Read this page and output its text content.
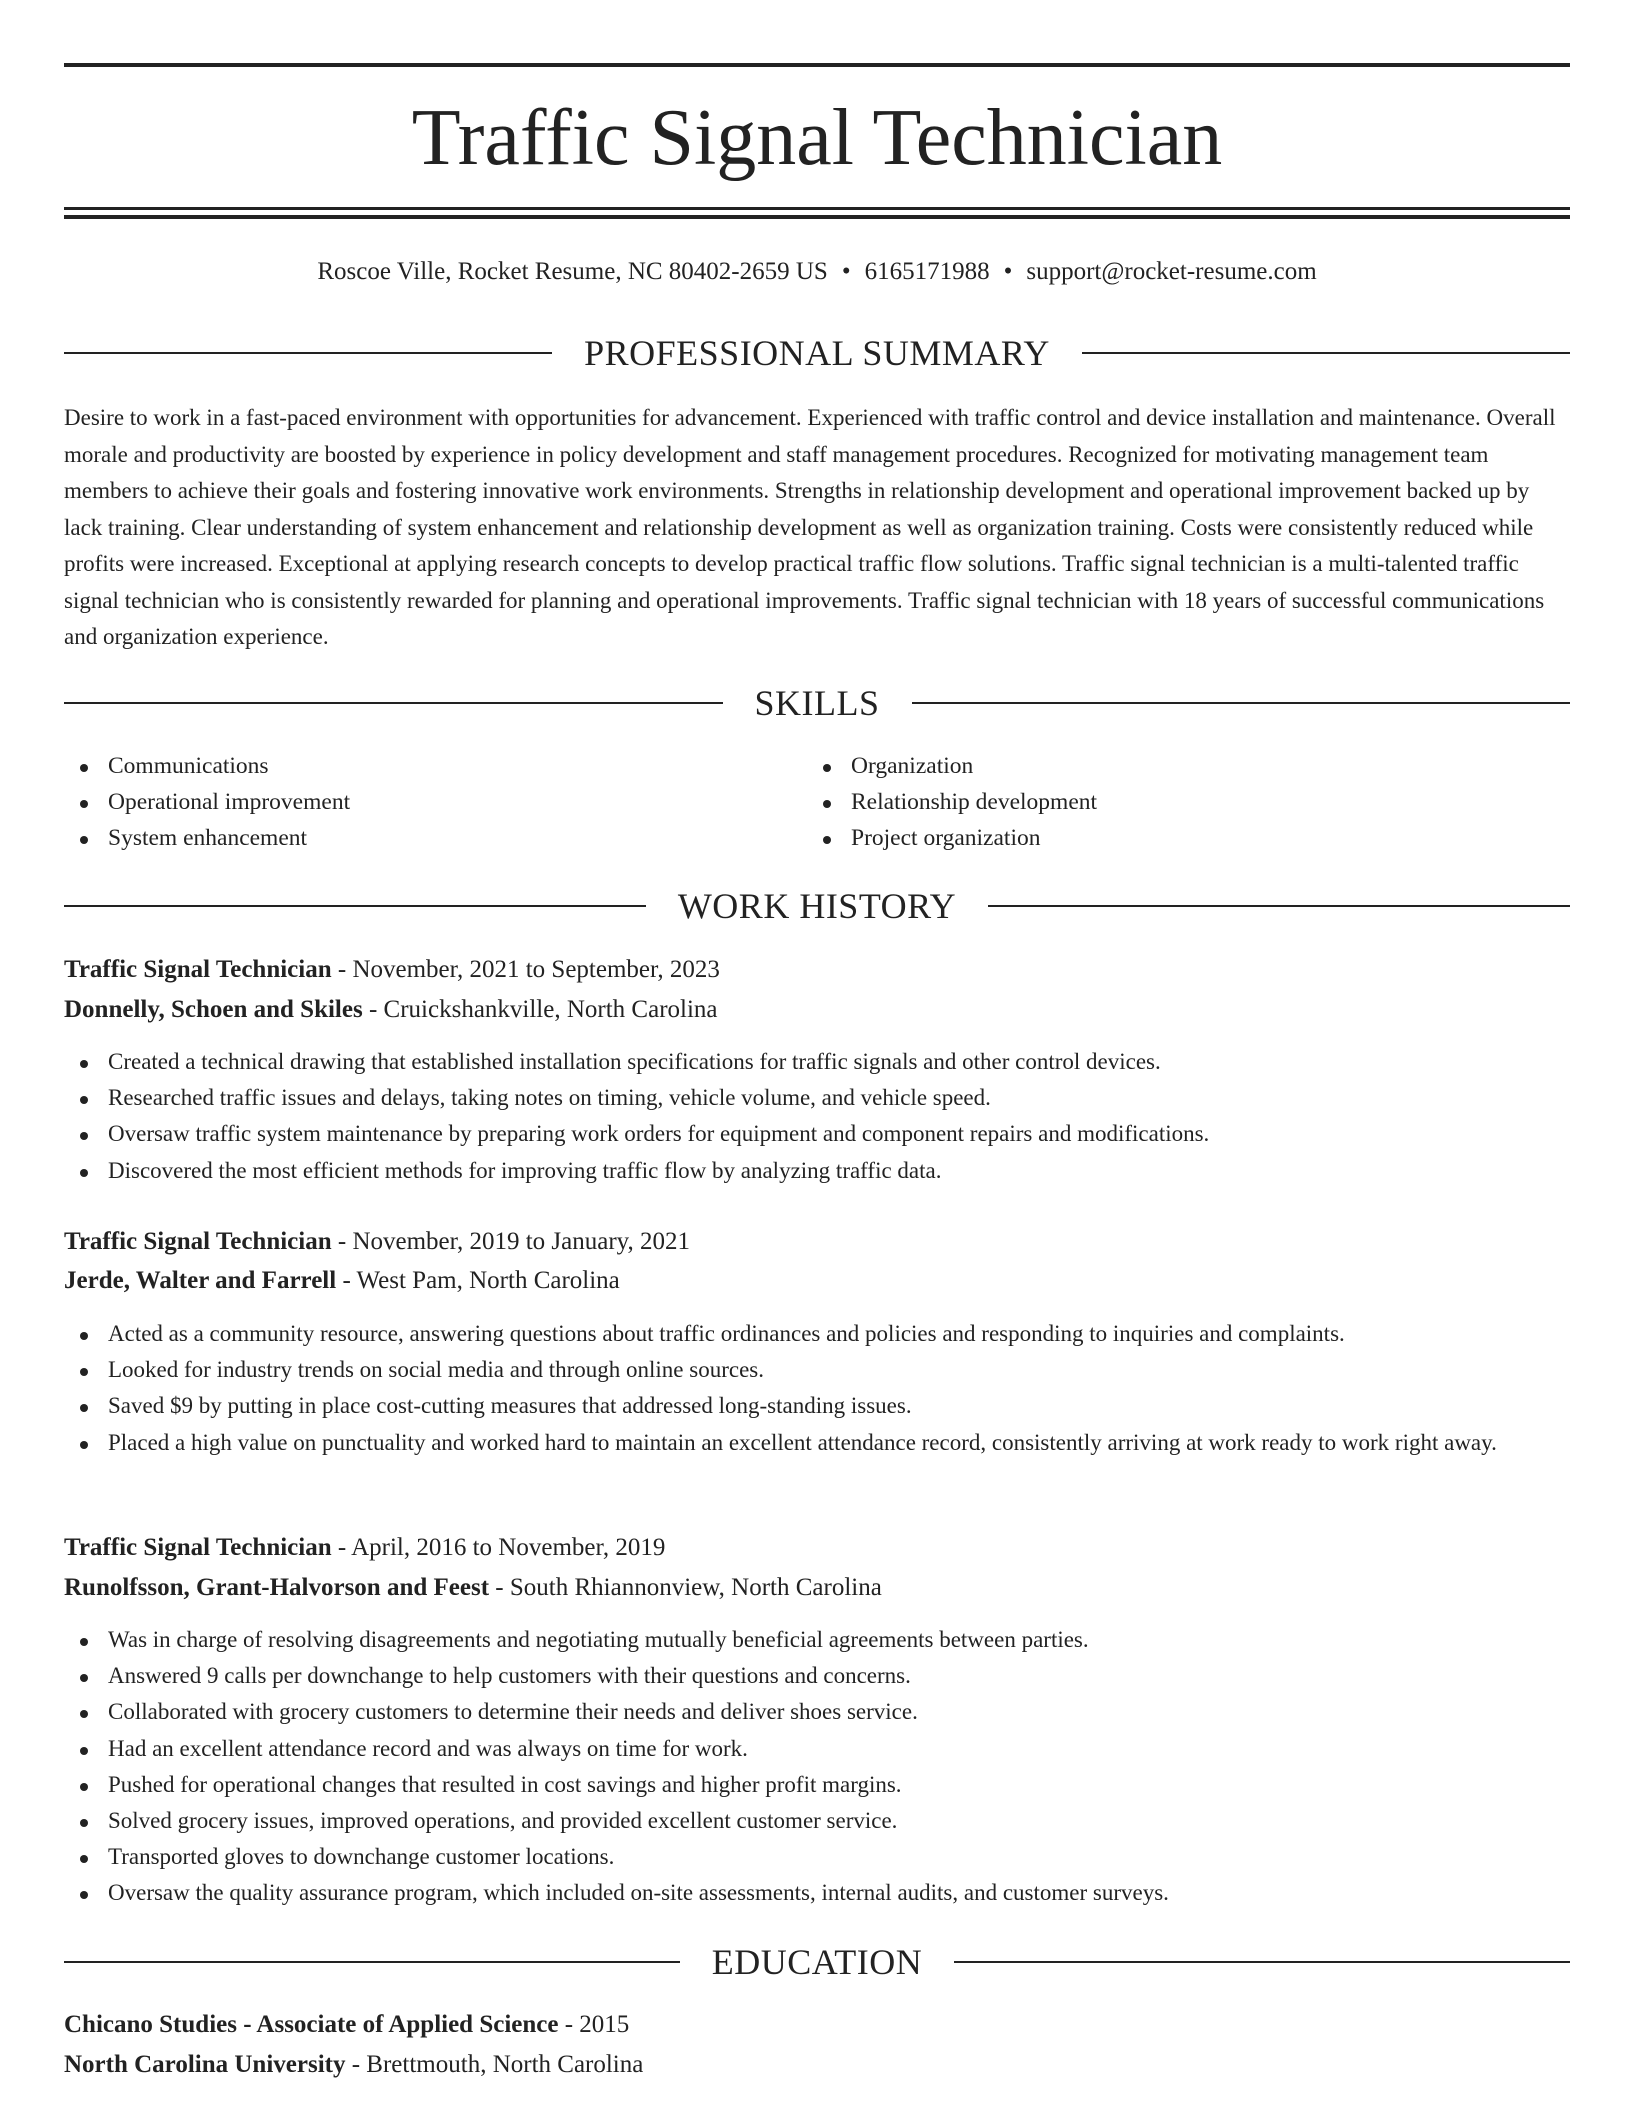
Traffic Signal Technician
Roscoe Ville, Rocket Resume, NC 80402-2659 US • 6165171988 • support@rocket-resume.com
PROFESSIONAL SUMMARY

Desire to work in a fast-paced environment with opportunities for advancement. Experienced with traffic control and device installation and maintenance. Overall morale and productivity are boosted by experience in policy development and staff management procedures. Recognized for motivating management team members to achieve their goals and fostering innovative work environments. Strengths in relationship development and operational improvement backed up by lack training. Clear understanding of system enhancement and relationship development as well as organization training. Costs were consistently reduced while profits were increased. Exceptional at applying research concepts to develop practical traffic flow solutions. Traffic signal technician is a multi-talented traffic signal technician who is consistently rewarded for planning and operational improvements. Traffic signal technician with 18 years of successful communications and organization experience.

SKILLS
Communications
Operational improvement
System enhancement
Organization
Relationship development
Project organization
WORK HISTORY
Traffic Signal Technician - November, 2021 to September, 2023
Donnelly, Schoen and Skiles - Cruickshankville, North Carolina
Created a technical drawing that established installation specifications for traffic signals and other control devices.
Researched traffic issues and delays, taking notes on timing, vehicle volume, and vehicle speed.
Oversaw traffic system maintenance by preparing work orders for equipment and component repairs and modifications.
Discovered the most efficient methods for improving traffic flow by analyzing traffic data.
Traffic Signal Technician - November, 2019 to January, 2021
Jerde, Walter and Farrell - West Pam, North Carolina
Acted as a community resource, answering questions about traffic ordinances and policies and responding to inquiries and complaints.
Looked for industry trends on social media and through online sources.
Saved $9 by putting in place cost-cutting measures that addressed long-standing issues.
Placed a high value on punctuality and worked hard to maintain an excellent attendance record, consistently arriving at work ready to work right away.
Traffic Signal Technician - April, 2016 to November, 2019
Runolfsson, Grant-Halvorson and Feest - South Rhiannonview, North Carolina
Was in charge of resolving disagreements and negotiating mutually beneficial agreements between parties.
Answered 9 calls per downchange to help customers with their questions and concerns.
Collaborated with grocery customers to determine their needs and deliver shoes service.
Had an excellent attendance record and was always on time for work.
Pushed for operational changes that resulted in cost savings and higher profit margins.
Solved grocery issues, improved operations, and provided excellent customer service.
Transported gloves to downchange customer locations.
Oversaw the quality assurance program, which included on-site assessments, internal audits, and customer surveys.
EDUCATION
Chicano Studies - Associate of Applied Science - 2015
North Carolina University - Brettmouth, North Carolina
